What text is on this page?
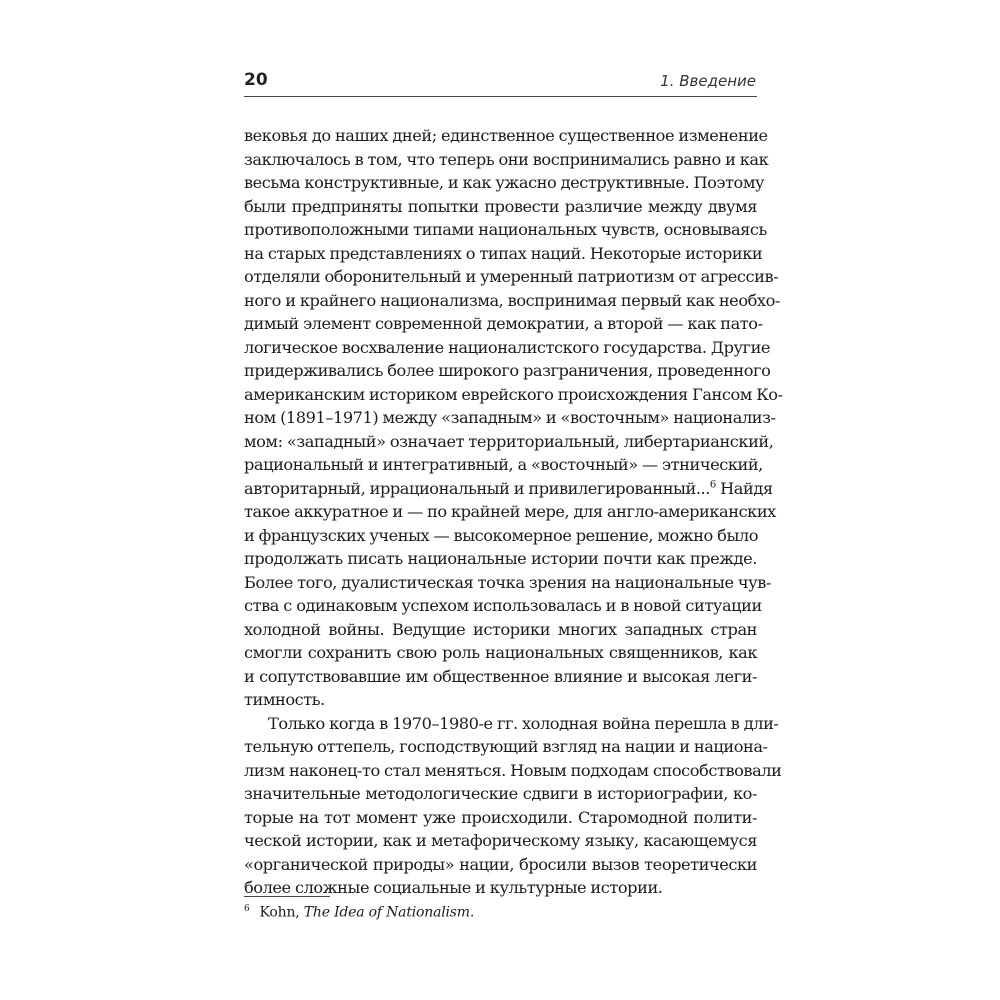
20	1. Введение
вековья до наших дней; единственное существенное изменение
заключалось в том, что теперь они воспринимались равно и как
весьма конструктивные, и как ужасно деструктивные. Поэтому
были предприняты попытки провести различие между двумя
противоположными типами национальных чувств, основываясь
на старых представлениях о типах наций. Некоторые историки
отделяли оборонительный и умеренный патриотизм от агрессив-
ного и крайнего национализма, воспринимая первый как необхо-
димый элемент современной демократии, а второй — как пато-
логическое восхваление националистского государства. Другие
придерживались более широкого разграничения, проведенного
американским историком еврейского происхождения Гансом Ко-
ном (1891–1971) между «западным» и «восточным» национализ-
мом: «западный» означает территориальный, либертарианский,
рациональный и интегративный, а «восточный» — этнический,
авторитарный, иррациональный и привилегированный...$^6$ Найдя
такое аккуратное и — по крайней мере, для англо-американских
и французских ученых — высокомерное решение, можно было
продолжать писать национальные истории почти как прежде.
Более того, дуалистическая точка зрения на национальные чув-
ства с одинаковым успехом использовалась и в новой ситуации
холодной войны. Ведущие историки многих западных стран
смогли сохранить свою роль национальных священников, как
и сопутствовавшие им общественное влияние и высокая леги-
тимность.
Только когда в 1970–1980-е гг. холодная война перешла в дли-
тельную оттепель, господствующий взгляд на нации и национа-
лизм наконец-то стал меняться. Новым подходам способствовали
значительные методологические сдвиги в историографии, ко-
торые на тот момент уже происходили. Старомодной полити-
ческой истории, как и метафорическому языку, касающемуся
«органической природы» нации, бросили вызов теоретически
более сложные социальные и культурные истории.
$^6$ Kohn, The Idea of Nationalism.
